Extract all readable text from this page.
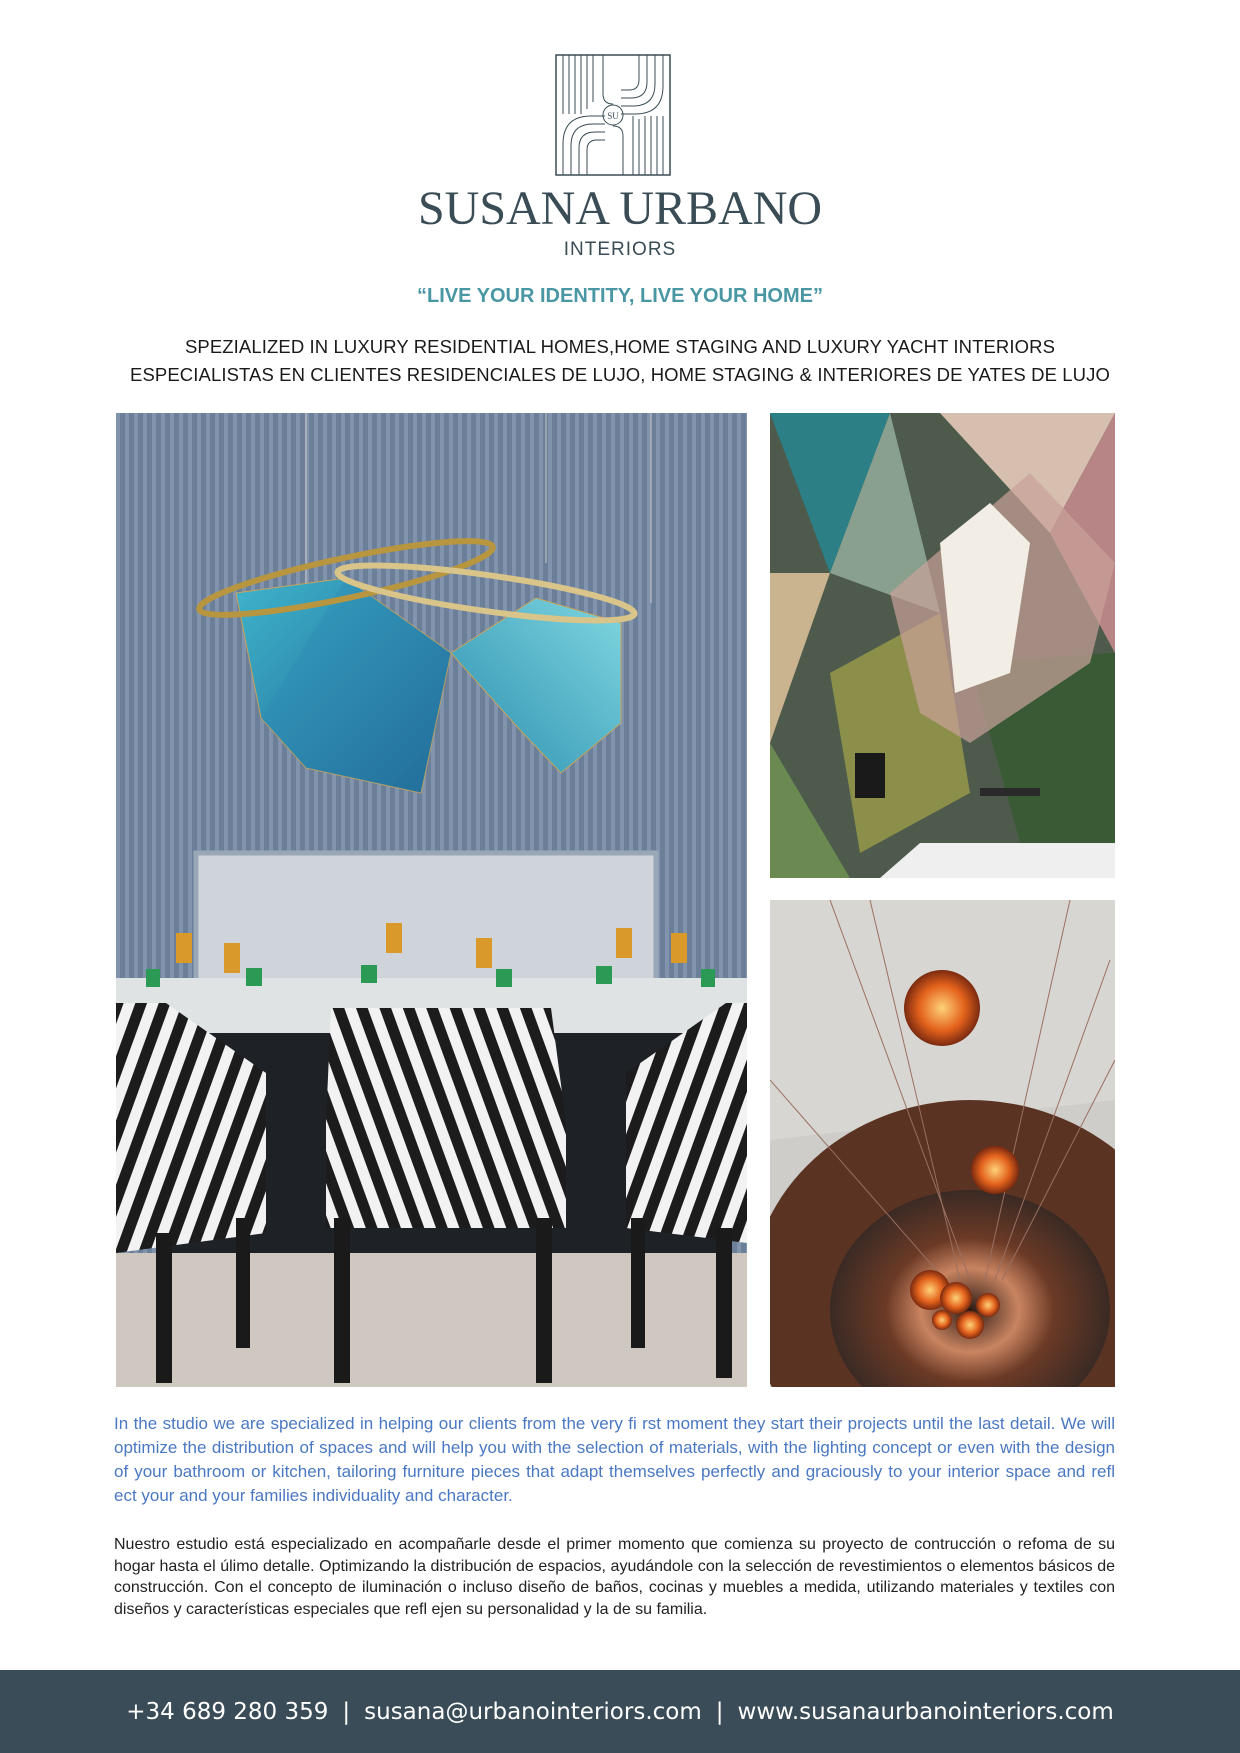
SU
SUSANA URBANO
INTERIORS
“LIVE YOUR IDENTITY, LIVE YOUR HOME”
SPEZIALIZED IN LUXURY RESIDENTIAL HOMES,HOME STAGING AND LUXURY YACHT INTERIORS
ESPECIALISTAS EN CLIENTES RESIDENCIALES DE LUJO, HOME STAGING & INTERIORES DE YATES DE LUJO

In the studio we are specialized in helping our clients from the very fi rst moment they start their projects until the last detail. We will optimize the distribution of spaces and will help you with the selection of materials, with the lighting concept or even with the design of your bathroom or kitchen, tailoring furniture pieces that adapt themselves perfectly and graciously to your interior space and refl ect your and your families individuality and character.

Nuestro estudio está especializado en acompañarle desde el primer momento que comienza su proyecto de contrucción o refoma de su hogar hasta el úlimo detalle. Optimizando la distribución de espacios, ayudándole con la selección de revestimientos o elementos básicos de construcción. Con el concepto de iluminación o incluso diseño de baños, cocinas y muebles a medida, utilizando materiales y textiles con diseños y características especiales que refl ejen su personalidad y la de su familia.

+34 689 280 359 | susana@urbanointeriors.com | www.susanaurbanointeriors.com
